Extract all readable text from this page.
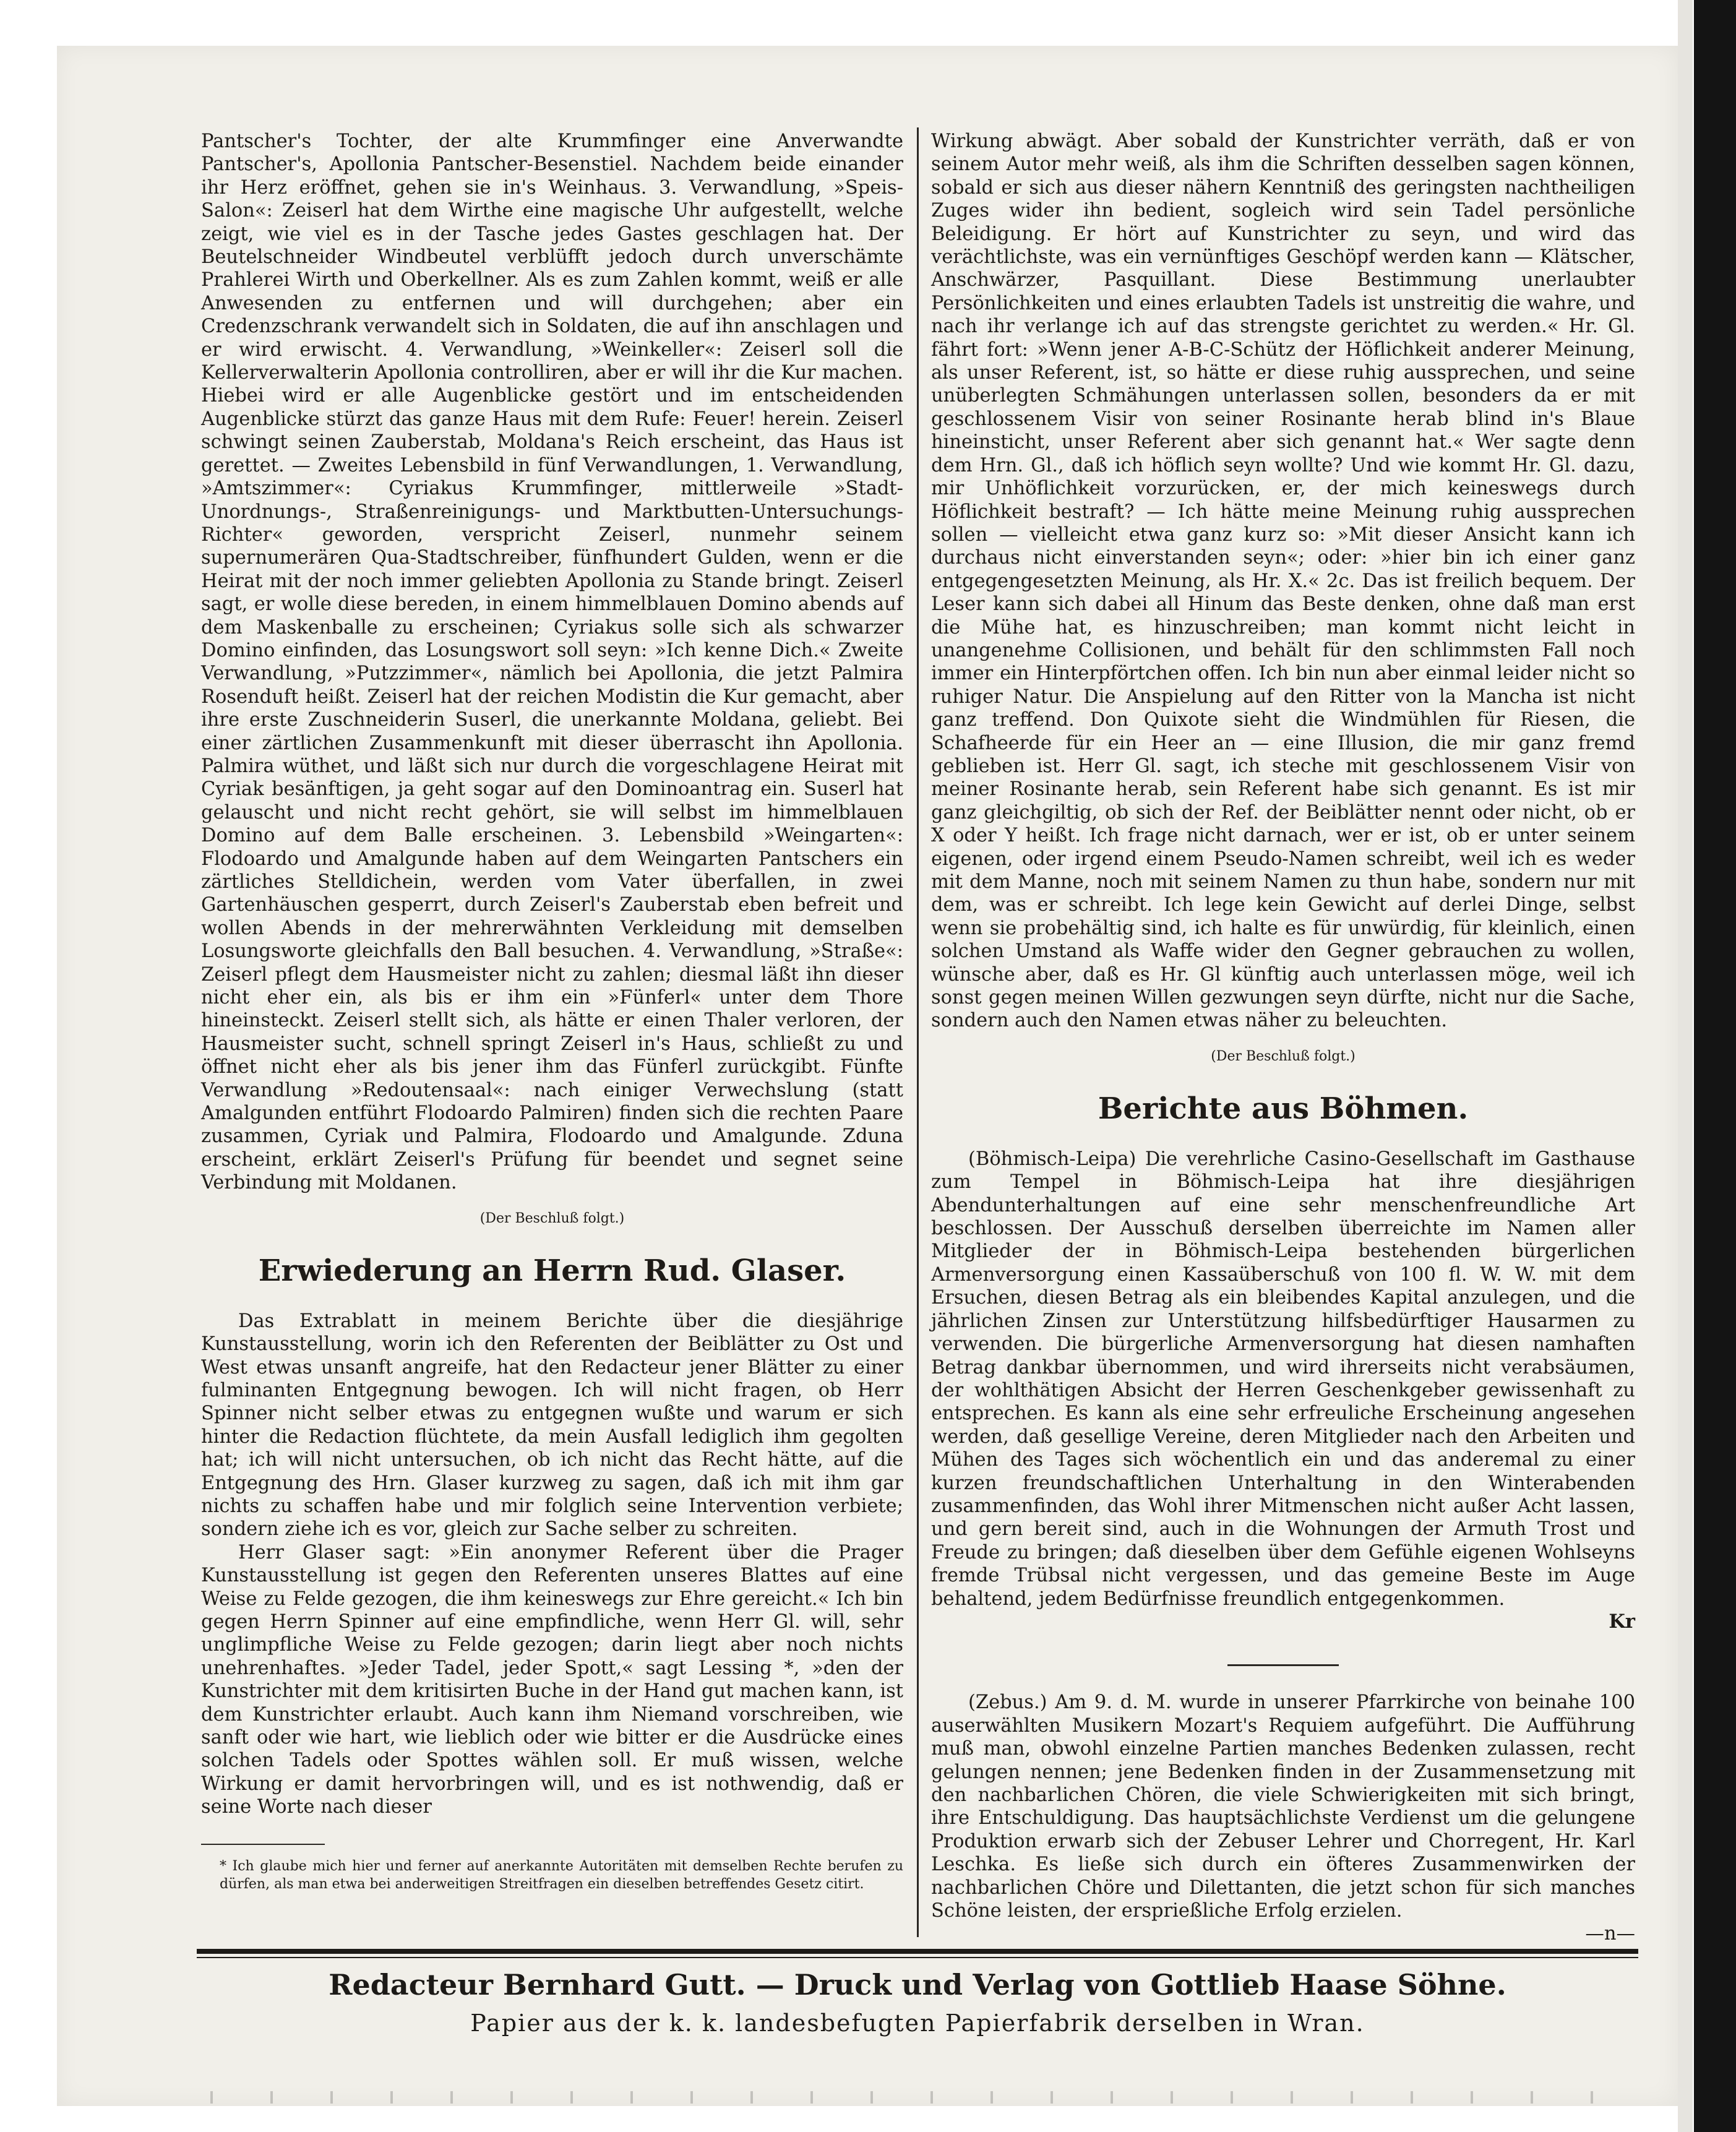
Pantscher's Tochter, der alte Krummfinger eine Anverwandte Pantscher's, Apollonia Pantscher-Besenstiel. Nachdem beide einander ihr Herz eröffnet, gehen sie in's Weinhaus. 3. Verwandlung, »Speis-Salon«: Zeiserl hat dem Wirthe eine magische Uhr aufgestellt, welche zeigt, wie viel es in der Tasche jedes Gastes geschlagen hat. Der Beutelschneider Windbeutel verblüfft jedoch durch unverschämte Prahlerei Wirth und Oberkellner. Als es zum Zahlen kommt, weiß er alle Anwesenden zu entfernen und will durchgehen; aber ein Credenzschrank verwandelt sich in Soldaten, die auf ihn anschlagen und er wird erwischt. 4. Verwandlung, »Weinkeller«: Zeiserl soll die Kellerverwalterin Apollonia controlliren, aber er will ihr die Kur machen. Hiebei wird er alle Augenblicke gestört und im entscheidenden Augenblicke stürzt das ganze Haus mit dem Rufe: Feuer! herein. Zeiserl schwingt seinen Zauberstab, Moldana's Reich erscheint, das Haus ist gerettet. — Zweites Lebensbild in fünf Verwandlungen, 1. Verwandlung, »Amtszimmer«: Cyriakus Krummfinger, mittlerweile »Stadt-Unordnungs-, Straßenreinigungs- und Marktbutten-Untersuchungs-Richter« geworden, verspricht Zeiserl, nunmehr seinem supernumerären Qua-Stadtschreiber, fünfhundert Gulden, wenn er die Heirat mit der noch immer geliebten Apollonia zu Stande bringt. Zeiserl sagt, er wolle diese bereden, in einem himmelblauen Domino abends auf dem Maskenballe zu erscheinen; Cyriakus solle sich als schwarzer Domino einfinden, das Losungswort soll seyn: »Ich kenne Dich.« Zweite Verwandlung, »Putzzimmer«, nämlich bei Apollonia, die jetzt Palmira Rosenduft heißt. Zeiserl hat der reichen Modistin die Kur gemacht, aber ihre erste Zuschneiderin Suserl, die unerkannte Moldana, geliebt. Bei einer zärtlichen Zusammenkunft mit dieser überrascht ihn Apollonia. Palmira wüthet, und läßt sich nur durch die vorgeschlagene Heirat mit Cyriak besänftigen, ja geht sogar auf den Dominoantrag ein. Suserl hat gelauscht und nicht recht gehört, sie will selbst im himmelblauen Domino auf dem Balle erscheinen. 3. Lebensbild »Weingarten«: Flodoardo und Amalgunde haben auf dem Weingarten Pantschers ein zärtliches Stelldichein, werden vom Vater überfallen, in zwei Gartenhäuschen gesperrt, durch Zeiserl's Zauberstab eben befreit und wollen Abends in der mehrerwähnten Verkleidung mit demselben Losungsworte gleichfalls den Ball besuchen. 4. Verwandlung, »Straße«: Zeiserl pflegt dem Hausmeister nicht zu zahlen; diesmal läßt ihn dieser nicht eher ein, als bis er ihm ein »Fünferl« unter dem Thore hineinsteckt. Zeiserl stellt sich, als hätte er einen Thaler verloren, der Hausmeister sucht, schnell springt Zeiserl in's Haus, schließt zu und öffnet nicht eher als bis jener ihm das Fünferl zurückgibt. Fünfte Verwandlung »Redoutensaal«: nach einiger Verwechslung (statt Amalgunden entführt Flodoardo Palmiren) finden sich die rechten Paare zusammen, Cyriak und Palmira, Flodoardo und Amalgunde. Zdunа erscheint, erklärt Zeiserl's Prüfung für beendet und segnet seine Verbindung mit Moldanen.

(Der Beschluß folgt.)

Erwiederung an Herrn Rud. Glaser.

Das Extrablatt in meinem Berichte über die diesjährige Kunstausstellung, worin ich den Referenten der Beiblätter zu Ost und West etwas unsanft angreife, hat den Redacteur jener Blätter zu einer fulminanten Entgegnung bewogen. Ich will nicht fragen, ob Herr Spinner nicht selber etwas zu entgegnen wußte und warum er sich hinter die Redaction flüchtete, da mein Ausfall lediglich ihm gegolten hat; ich will nicht untersuchen, ob ich nicht das Recht hätte, auf die Entgegnung des Hrn. Glaser kurzweg zu sagen, daß ich mit ihm gar nichts zu schaffen habe und mir folglich seine Intervention verbiete; sondern ziehe ich es vor, gleich zur Sache selber zu schreiten.

Herr Glaser sagt: »Ein anonymer Referent über die Prager Kunstausstellung ist gegen den Referenten unseres Blattes auf eine Weise zu Felde gezogen, die ihm keineswegs zur Ehre gereicht.« Ich bin gegen Herrn Spinner auf eine empfindliche, wenn Herr Gl. will, sehr unglimpfliche Weise zu Felde gezogen; darin liegt aber noch nichts unehrenhaftes. »Jeder Tadel, jeder Spott,« sagt Lessing *, »den der Kunstrichter mit dem kritisirten Buche in der Hand gut machen kann, ist dem Kunstrichter erlaubt. Auch kann ihm Niemand vorschreiben, wie sanft oder wie hart, wie lieblich oder wie bitter er die Ausdrücke eines solchen Tadels oder Spottes wählen soll. Er muß wissen, welche Wirkung er damit hervorbringen will, und es ist nothwendig, daß er seine Worte nach dieser

* Ich glaube mich hier und ferner auf anerkannte Autoritäten mit demselben Rechte berufen zu dürfen, als man etwa bei anderweitigen Streitfragen ein dieselben betreffendes Gesetz citirt.

Wirkung abwägt. Aber sobald der Kunstrichter verräth, daß er von seinem Autor mehr weiß, als ihm die Schriften desselben sagen können, sobald er sich aus dieser nähern Kenntniß des geringsten nachtheiligen Zuges wider ihn bedient, sogleich wird sein Tadel persönliche Beleidigung. Er hört auf Kunstrichter zu seyn, und wird das verächtlichste, was ein vernünftiges Geschöpf werden kann — Klätscher, Anschwärzer, Pasquillant. Diese Bestimmung unerlaubter Persönlichkeiten und eines erlaubten Tadels ist unstreitig die wahre, und nach ihr verlange ich auf das strengste gerichtet zu werden.« Hr. Gl. fährt fort: »Wenn jener A-B-C-Schütz der Höflichkeit anderer Meinung, als unser Referent, ist, so hätte er diese ruhig aussprechen, und seine unüberlegten Schmähungen unterlassen sollen, besonders da er mit geschlossenem Visir von seiner Rosinante herab blind in's Blaue hineinsticht, unser Referent aber sich genannt hat.« Wer sagte denn dem Hrn. Gl., daß ich höflich seyn wollte? Und wie kommt Hr. Gl. dazu, mir Unhöflichkeit vorzurücken, er, der mich keineswegs durch Höflichkeit bestraft? — Ich hätte meine Meinung ruhig aussprechen sollen — vielleicht etwa ganz kurz so: »Mit dieser Ansicht kann ich durchaus nicht einverstanden seyn«; oder: »hier bin ich einer ganz entgegengesetzten Meinung, als Hr. X.« 2c. Das ist freilich bequem. Der Leser kann sich dabei all Hinum das Beste denken, ohne daß man erst die Mühe hat, es hinzuschreiben; man kommt nicht leicht in unangenehme Collisionen, und behält für den schlimmsten Fall noch immer ein Hinterpförtchen offen. Ich bin nun aber einmal leider nicht so ruhiger Natur. Die Anspielung auf den Ritter von la Mancha ist nicht ganz treffend. Don Quixote sieht die Windmühlen für Riesen, die Schafheerde für ein Heer an — eine Illusion, die mir ganz fremd geblieben ist. Herr Gl. sagt, ich steche mit geschlossenem Visir von meiner Rosinante herab, sein Referent habe sich genannt. Es ist mir ganz gleichgiltig, ob sich der Ref. der Beiblätter nennt oder nicht, ob er X oder Y heißt. Ich frage nicht darnach, wer er ist, ob er unter seinem eigenen, oder irgend einem Pseudo-Namen schreibt, weil ich es weder mit dem Manne, noch mit seinem Namen zu thun habe, sondern nur mit dem, was er schreibt. Ich lege kein Gewicht auf derlei Dinge, selbst wenn sie probehältig sind, ich halte es für unwürdig, für kleinlich, einen solchen Umstand als Waffe wider den Gegner gebrauchen zu wollen, wünsche aber, daß es Hr. Gl künftig auch unterlassen möge, weil ich sonst gegen meinen Willen gezwungen seyn dürfte, nicht nur die Sache, sondern auch den Namen etwas näher zu beleuchten.

(Der Beschluß folgt.)

Berichte aus Böhmen.

(Böhmisch-Leipa) Die verehrliche Casino-Gesellschaft im Gasthause zum Tempel in Böhmisch-Leipa hat ihre diesjährigen Abendunterhaltungen auf eine sehr menschenfreundliche Art beschlossen. Der Ausschuß derselben überreichte im Namen aller Mitglieder der in Böhmisch-Leipa bestehenden bürgerlichen Armenversorgung einen Kassaüberschuß von 100 fl. W. W. mit dem Ersuchen, diesen Betrag als ein bleibendes Kapital anzulegen, und die jährlichen Zinsen zur Unterstützung hilfsbedürftiger Hausarmen zu verwenden. Die bürgerliche Armenversorgung hat diesen namhaften Betrag dankbar übernommen, und wird ihrerseits nicht verabsäumen, der wohlthätigen Absicht der Herren Geschenkgeber gewissenhaft zu entsprechen. Es kann als eine sehr erfreuliche Erscheinung angesehen werden, daß gesellige Vereine, deren Mitglieder nach den Arbeiten und Mühen des Tages sich wöchentlich ein und das anderemal zu einer kurzen freundschaftlichen Unterhaltung in den Winterabenden zusammenfinden, das Wohl ihrer Mitmenschen nicht außer Acht lassen, und gern bereit sind, auch in die Wohnungen der Armuth Trost und Freude zu bringen; daß dieselben über dem Gefühle eigenen Wohlseyns fremde Trübsal nicht vergessen, und das gemeine Beste im Auge behaltend, jedem Bedürfnisse freundlich entgegenkommen.

Kr

(Zebus.) Am 9. d. M. wurde in unserer Pfarrkirche von beinahe 100 auserwählten Musikern Mozart's Requiem aufgeführt. Die Aufführung muß man, obwohl einzelne Partien manches Bedenken zulassen, recht gelungen nennen; jene Bedenken finden in der Zusammensetzung mit den nachbarlichen Chören, die viele Schwierigkeiten mit sich bringt, ihre Entschuldigung. Das hauptsächlichste Verdienst um die gelungene Produktion erwarb sich der Zebuser Lehrer und Chorregent, Hr. Karl Leschka. Es ließe sich durch ein öfteres Zusammenwirken der nachbarlichen Chöre und Dilettanten, die jetzt schon für sich manches Schöne leisten, der ersprießliche Erfolg erzielen.

—n—

Redacteur Bernhard Gutt. — Druck und Verlag von Gottlieb Haase Söhne.
Papier aus der k. k. landesbefugten Papierfabrik derselben in Wran.
